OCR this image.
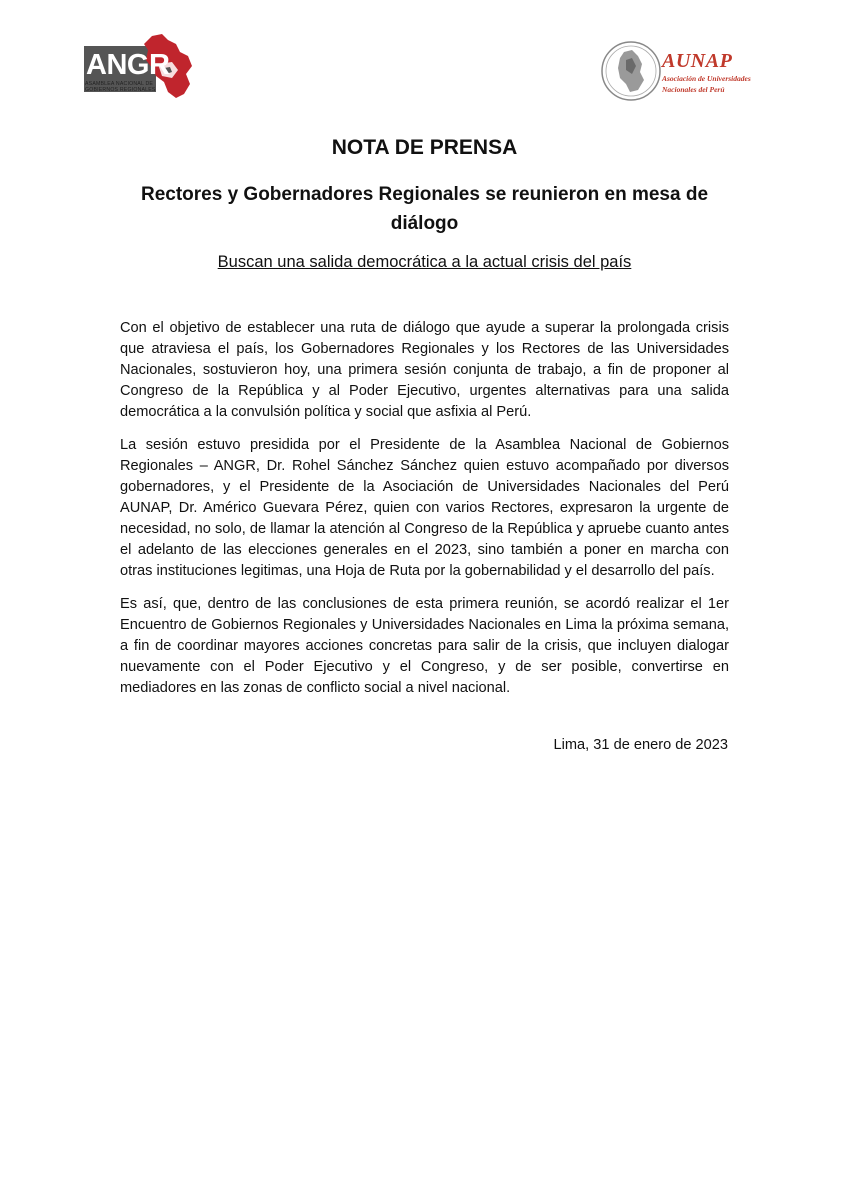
ANGR
ASAMBLEA NACIONAL DE GOBIERNOS REGIONALES
AUNAP
Asociación de Universidades
Nacionales del Perú
NOTA DE PRENSA
Rectores y Gobernadores Regionales se reunieron en mesa de diálogo
Buscan una salida democrática a la actual crisis del país

Con el objetivo de establecer una ruta de diálogo que ayude a superar la prolongada crisis que atraviesa el país, los Gobernadores Regionales y los Rectores de las Universidades Nacionales, sostuvieron hoy, una primera sesión conjunta de trabajo, a fin de proponer al Congreso de la República y al Poder Ejecutivo, urgentes alternativas para una salida democrática a la convulsión política y social que asfixia al Perú.

La sesión estuvo presidida por el Presidente de la Asamblea Nacional de Gobiernos Regionales – ANGR, Dr. Rohel Sánchez Sánchez quien estuvo acompañado por diversos gobernadores, y el Presidente de la Asociación de Universidades Nacionales del Perú AUNAP, Dr. Américo Guevara Pérez, quien con varios Rectores, expresaron la urgente de necesidad, no solo, de llamar la atención al Congreso de la República y apruebe cuanto antes el adelanto de las elecciones generales en el 2023, sino también a poner en marcha con otras instituciones legitimas, una Hoja de Ruta por la gobernabilidad y el desarrollo del país.

Es así, que, dentro de las conclusiones de esta primera reunión, se acordó realizar el 1er Encuentro de Gobiernos Regionales y Universidades Nacionales en Lima la próxima semana, a fin de coordinar mayores acciones concretas para salir de la crisis, que incluyen dialogar nuevamente con el Poder Ejecutivo y el Congreso, y de ser posible, convertirse en mediadores en las zonas de conflicto social a nivel nacional.

Lima, 31 de enero de 2023
